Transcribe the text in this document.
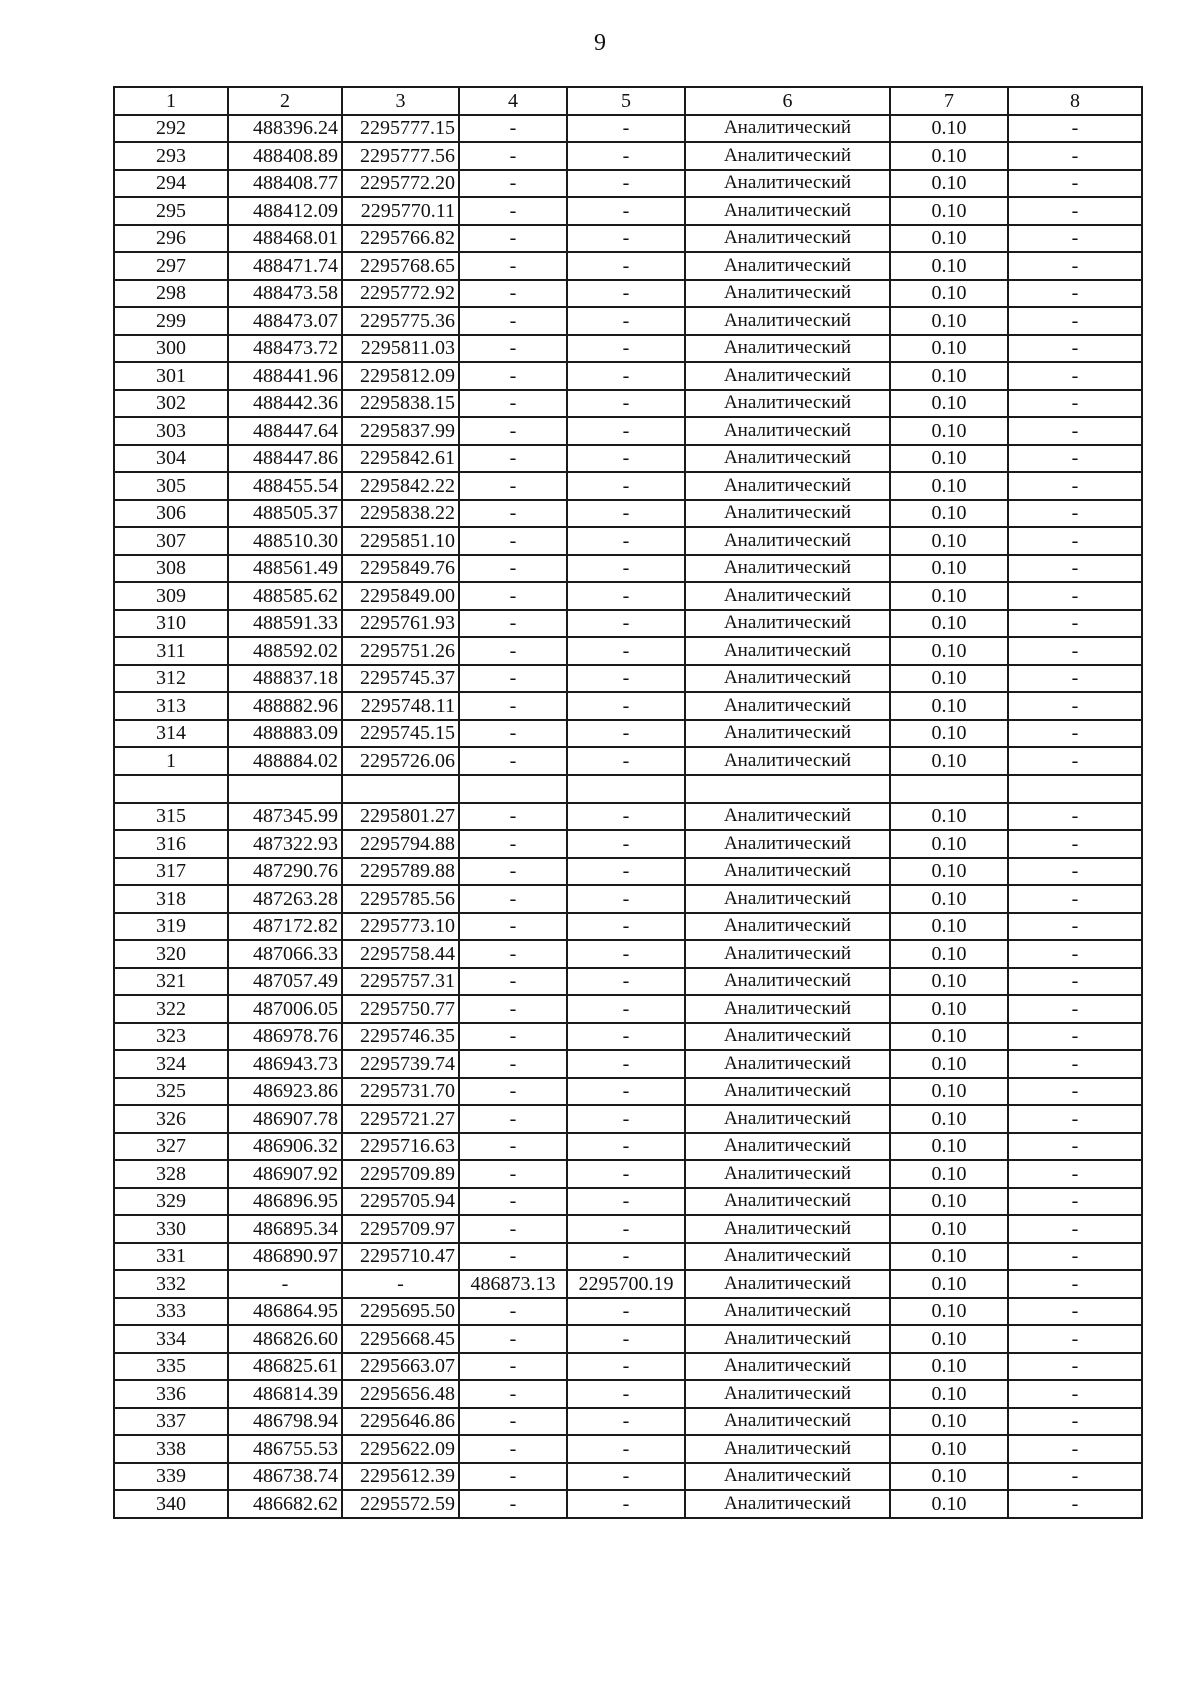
9
1	2	3	4	5	6	7	8
292	488396.24	2295777.15	-	-	Аналитический	0.10	-
293	488408.89	2295777.56	-	-	Аналитический	0.10	-
294	488408.77	2295772.20	-	-	Аналитический	0.10	-
295	488412.09	2295770.11	-	-	Аналитический	0.10	-
296	488468.01	2295766.82	-	-	Аналитический	0.10	-
297	488471.74	2295768.65	-	-	Аналитический	0.10	-
298	488473.58	2295772.92	-	-	Аналитический	0.10	-
299	488473.07	2295775.36	-	-	Аналитический	0.10	-
300	488473.72	2295811.03	-	-	Аналитический	0.10	-
301	488441.96	2295812.09	-	-	Аналитический	0.10	-
302	488442.36	2295838.15	-	-	Аналитический	0.10	-
303	488447.64	2295837.99	-	-	Аналитический	0.10	-
304	488447.86	2295842.61	-	-	Аналитический	0.10	-
305	488455.54	2295842.22	-	-	Аналитический	0.10	-
306	488505.37	2295838.22	-	-	Аналитический	0.10	-
307	488510.30	2295851.10	-	-	Аналитический	0.10	-
308	488561.49	2295849.76	-	-	Аналитический	0.10	-
309	488585.62	2295849.00	-	-	Аналитический	0.10	-
310	488591.33	2295761.93	-	-	Аналитический	0.10	-
311	488592.02	2295751.26	-	-	Аналитический	0.10	-
312	488837.18	2295745.37	-	-	Аналитический	0.10	-
313	488882.96	2295748.11	-	-	Аналитический	0.10	-
314	488883.09	2295745.15	-	-	Аналитический	0.10	-
1	488884.02	2295726.06	-	-	Аналитический	0.10	-

315	487345.99	2295801.27	-	-	Аналитический	0.10	-
316	487322.93	2295794.88	-	-	Аналитический	0.10	-
317	487290.76	2295789.88	-	-	Аналитический	0.10	-
318	487263.28	2295785.56	-	-	Аналитический	0.10	-
319	487172.82	2295773.10	-	-	Аналитический	0.10	-
320	487066.33	2295758.44	-	-	Аналитический	0.10	-
321	487057.49	2295757.31	-	-	Аналитический	0.10	-
322	487006.05	2295750.77	-	-	Аналитический	0.10	-
323	486978.76	2295746.35	-	-	Аналитический	0.10	-
324	486943.73	2295739.74	-	-	Аналитический	0.10	-
325	486923.86	2295731.70	-	-	Аналитический	0.10	-
326	486907.78	2295721.27	-	-	Аналитический	0.10	-
327	486906.32	2295716.63	-	-	Аналитический	0.10	-
328	486907.92	2295709.89	-	-	Аналитический	0.10	-
329	486896.95	2295705.94	-	-	Аналитический	0.10	-
330	486895.34	2295709.97	-	-	Аналитический	0.10	-
331	486890.97	2295710.47	-	-	Аналитический	0.10	-
332	-	-	486873.13	2295700.19	Аналитический	0.10	-
333	486864.95	2295695.50	-	-	Аналитический	0.10	-
334	486826.60	2295668.45	-	-	Аналитический	0.10	-
335	486825.61	2295663.07	-	-	Аналитический	0.10	-
336	486814.39	2295656.48	-	-	Аналитический	0.10	-
337	486798.94	2295646.86	-	-	Аналитический	0.10	-
338	486755.53	2295622.09	-	-	Аналитический	0.10	-
339	486738.74	2295612.39	-	-	Аналитический	0.10	-
340	486682.62	2295572.59	-	-	Аналитический	0.10	-
